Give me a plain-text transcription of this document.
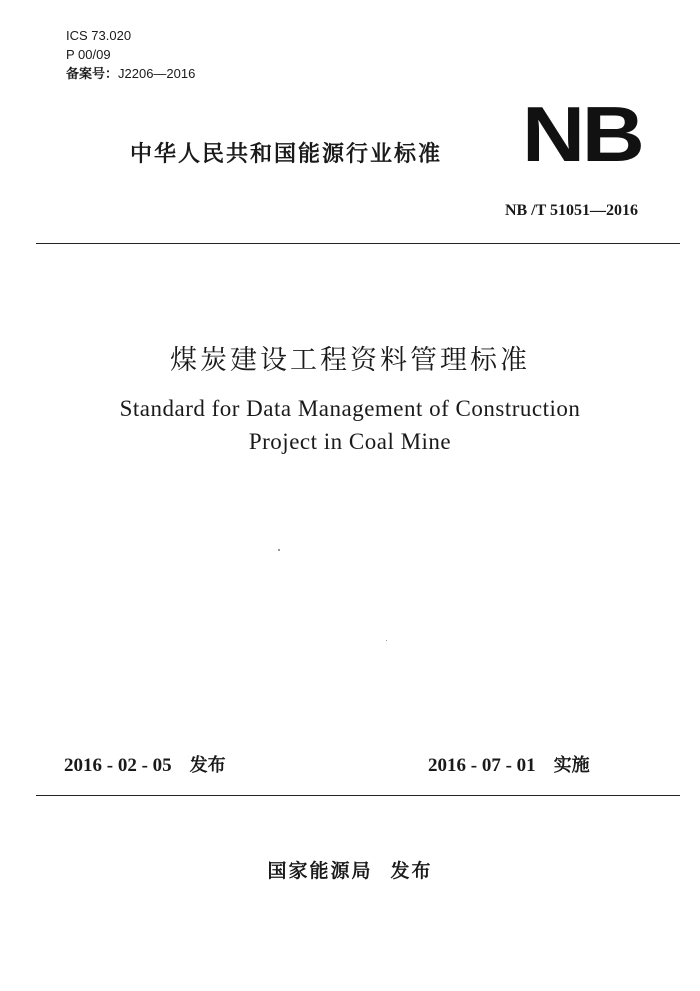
ICS 73.020
P 00/09
备案号：J2206—2016
中华人民共和国能源行业标准 NB
NB /T 51051—2016
煤炭建设工程资料管理标准
Standard for Data Management of Construction
Project in Coal Mine
2016 - 02 - 05 发布	2016 - 07 - 01 实施
国家能源局 发布
